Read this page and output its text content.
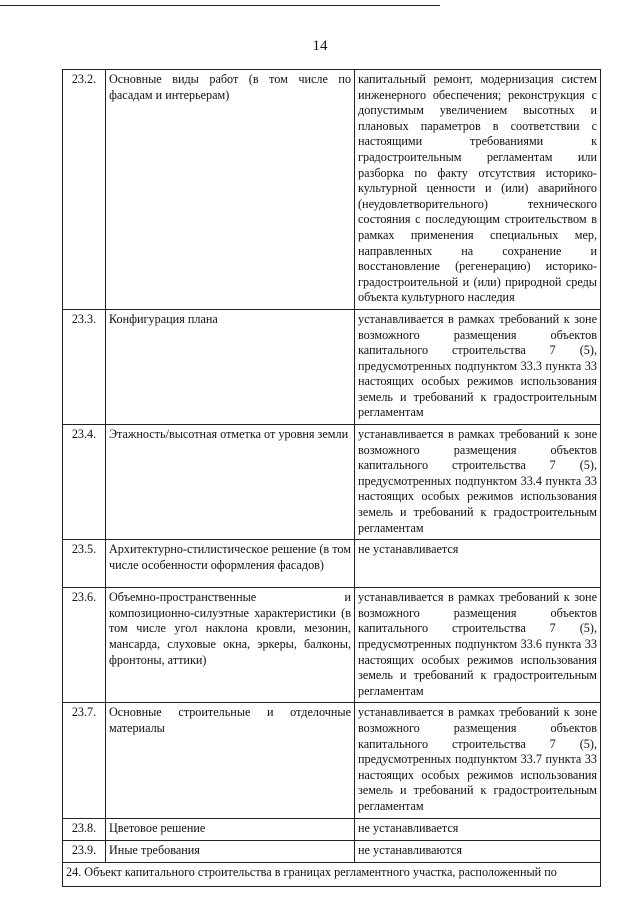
14
23.2.	Основные виды работ (в том числе по фасадам и интерьерам)	капитальный ремонт, модернизация систем инженерного обеспечения; реконструкция с допустимым увеличением высотных и плановых параметров в соответствии с настоящими требованиями к градостроительным регламентам или разборка по факту отсутствия историко-культурной ценности и (или) аварийного (неудовлетворительного) технического состояния с последующим строительством в рамках применения специальных мер, направленных на сохранение и восстановление (регенерацию) историко-градостроительной и (или) природной среды объекта культурного наследия
23.3.	Конфигурация плана	устанавливается в рамках требований к зоне возможного размещения объектов капитального строительства 7 (5), предусмотренных подпунктом 33.3 пункта 33 настоящих особых режимов использования земель и требований к градостроительным регламентам
23.4.	Этажность/высотная отметка от уровня земли	устанавливается в рамках требований к зоне возможного размещения объектов капитального строительства 7 (5), предусмотренных подпунктом 33.4 пункта 33 настоящих особых режимов использования земель и требований к градостроительным регламентам
23.5.	Архитектурно-стилистическое решение (в том числе особенности оформления фасадов)	не устанавливается
23.6.	Объемно-пространственные и композиционно-силуэтные характеристики (в том числе угол наклона кровли, мезонин, мансарда, слуховые окна, эркеры, балконы, фронтоны, аттики)	устанавливается в рамках требований к зоне возможного размещения объектов капитального строительства 7 (5), предусмотренных подпунктом 33.6 пункта 33 настоящих особых режимов использования земель и требований к градостроительным регламентам
23.7.	Основные строительные и отделочные материалы	устанавливается в рамках требований к зоне возможного размещения объектов капитального строительства 7 (5), предусмотренных подпунктом 33.7 пункта 33 настоящих особых режимов использования земель и требований к градостроительным регламентам
23.8.	Цветовое решение	не устанавливается
23.9.	Иные требования	не устанавливаются
24. Объект капитального строительства в границах регламентного участка, расположенный по		
